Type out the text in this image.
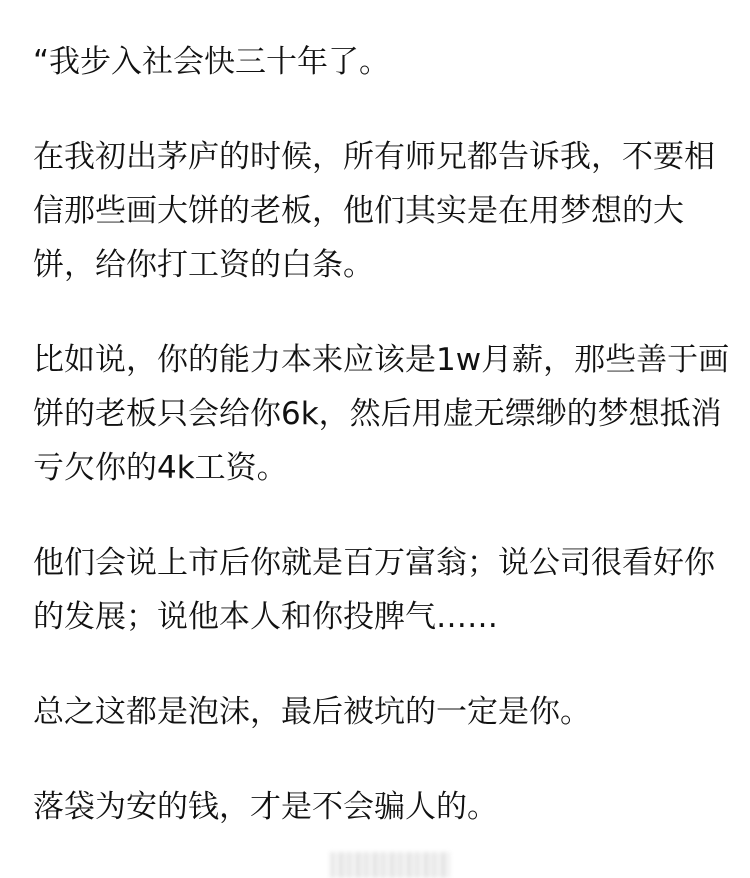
“我步入社会快三十年了。
在我初出茅庐的时候，所有师兄都告诉我，不要相
信那些画大饼的老板，他们其实是在用梦想的大
饼，给你打工资的白条。
比如说，你的能力本来应该是1w月薪，那些善于画
饼的老板只会给你6k，然后用虚无缥缈的梦想抵消
亏欠你的4k工资。
他们会说上市后你就是百万富翁；说公司很看好你
的发展；说他本人和你投脾气……
总之这都是泡沫，最后被坑的一定是你。
落袋为安的钱，才是不会骗人的。
